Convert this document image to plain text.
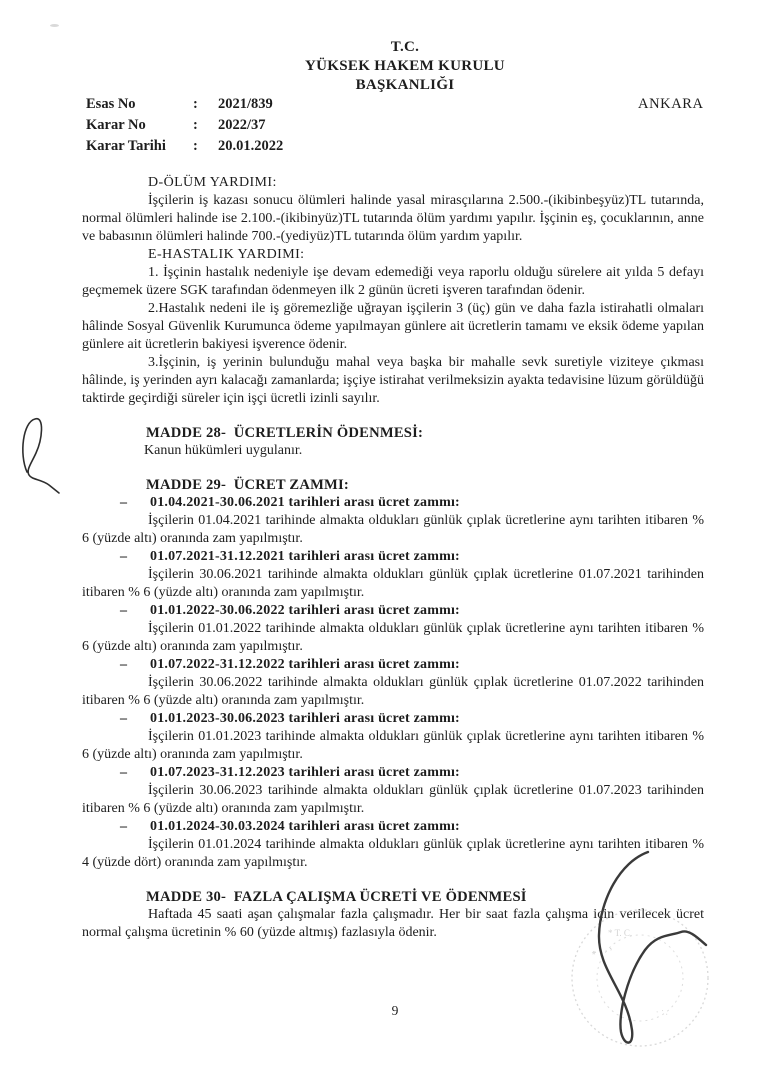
T.C.
YÜKSEK HAKEM KURULU
BAŞKANLIĞI
Esas No	:	2021/839
Karar No	:	2022/37
Karar Tarihi	:	20.01.2022
ANKARA
D-ÖLÜM YARDIMI:
İşçilerin iş kazası sonucu ölümleri halinde yasal mirasçılarına 2.500.-(ikibinbeşyüz)TL tutarında, normal ölümleri halinde ise 2.100.-(ikibinyüz)TL tutarında ölüm yardımı yapılır. İşçinin eş, çocuklarının, anne ve babasının ölümleri halinde 700.-(yediyüz)TL tutarında ölüm yardım yapılır.
E-HASTALIK YARDIMI:
1. İşçinin hastalık nedeniyle işe devam edemediği veya raporlu olduğu sürelere ait yılda 5 defayı geçmemek üzere SGK tarafından ödenmeyen ilk 2 günün ücreti işveren tarafından ödenir.
2.Hastalık nedeni ile iş göremezliğe uğrayan işçilerin 3 (üç) gün ve daha fazla istirahatli olmaları hâlinde Sosyal Güvenlik Kurumunca ödeme yapılmayan günlere ait ücretlerin tamamı ve eksik ödeme yapılan günlere ait ücretlerin bakiyesi işverence ödenir.
3.İşçinin, iş yerinin bulunduğu mahal veya başka bir mahalle sevk suretiyle viziteye çıkması hâlinde, iş yerinden ayrı kalacağı zamanlarda; işçiye istirahat verilmeksizin ayakta tedavisine lüzum görüldüğü taktirde geçirdiği süreler için işçi ücretli izinli sayılır.
MADDE 28-  ÜCRETLERİN ÖDENMESİ:
Kanun hükümleri uygulanır.
MADDE 29-  ÜCRET ZAMMI:
–	01.04.2021-30.06.2021 tarihleri arası ücret zammı:
İşçilerin 01.04.2021 tarihinde almakta oldukları günlük çıplak ücretlerine aynı tarihten itibaren % 6 (yüzde altı) oranında zam yapılmıştır.
–	01.07.2021-31.12.2021 tarihleri arası ücret zammı:
İşçilerin 30.06.2021 tarihinde almakta oldukları günlük çıplak ücretlerine 01.07.2021 tarihinden itibaren % 6 (yüzde altı) oranında zam yapılmıştır.
–	01.01.2022-30.06.2022 tarihleri arası ücret zammı:
İşçilerin 01.01.2022 tarihinde almakta oldukları günlük çıplak ücretlerine aynı tarihten itibaren % 6 (yüzde altı) oranında zam yapılmıştır.
–	01.07.2022-31.12.2022 tarihleri arası ücret zammı:
İşçilerin 30.06.2022 tarihinde almakta oldukları günlük çıplak ücretlerine 01.07.2022 tarihinden itibaren % 6 (yüzde altı) oranında zam yapılmıştır.
–	01.01.2023-30.06.2023 tarihleri arası ücret zammı:
İşçilerin 01.01.2023 tarihinde almakta oldukları günlük çıplak ücretlerine aynı tarihten itibaren % 6 (yüzde altı) oranında zam yapılmıştır.
–	01.07.2023-31.12.2023 tarihleri arası ücret zammı:
İşçilerin 30.06.2023 tarihinde almakta oldukları günlük çıplak ücretlerine 01.07.2023 tarihinden itibaren % 6 (yüzde altı) oranında zam yapılmıştır.
–	01.01.2024-30.03.2024 tarihleri arası ücret zammı:
İşçilerin 01.01.2024 tarihinde almakta oldukları günlük çıplak ücretlerine aynı tarihten itibaren % 4 (yüzde dört) oranında zam yapılmıştır.
MADDE 30-  FAZLA ÇALIŞMA ÜCRETİ VE ÖDENMESİ
Haftada 45 saati aşan çalışmalar fazla çalışmadır. Her bir saat fazla çalışma için verilecek ücret normal çalışma ücretinin % 60 (yüzde altmış) fazlasıyla ödenir.
* ı . ,
. · .
* T. C.
9
